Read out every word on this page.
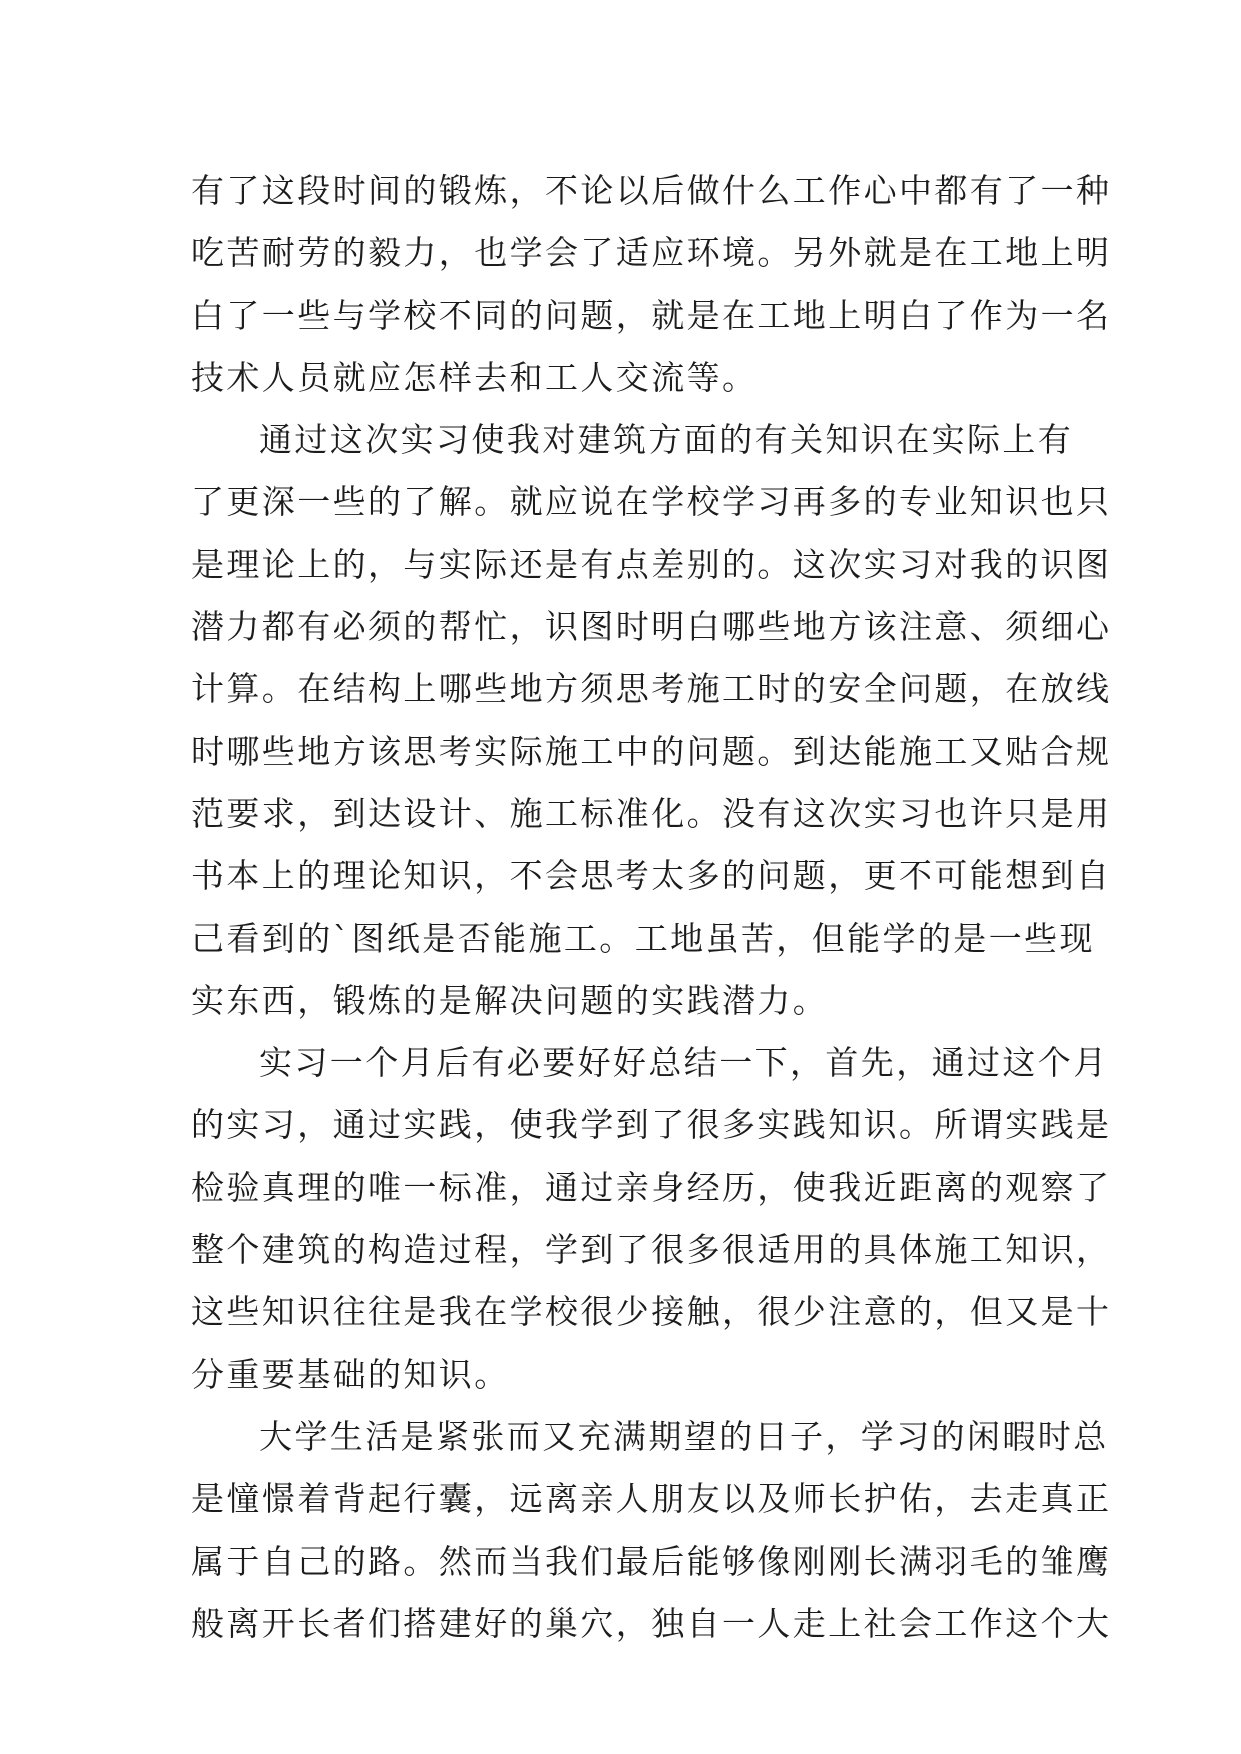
有了这段时间的锻炼，不论以后做什么工作心中都有了一种
吃苦耐劳的毅力，也学会了适应环境。另外就是在工地上明
白了一些与学校不同的问题，就是在工地上明白了作为一名
技术人员就应怎样去和工人交流等。
通过这次实习使我对建筑方面的有关知识在实际上有
了更深一些的了解。就应说在学校学习再多的专业知识也只
是理论上的，与实际还是有点差别的。这次实习对我的识图
潜力都有必须的帮忙，识图时明白哪些地方该注意、须细心
计算。在结构上哪些地方须思考施工时的安全问题，在放线
时哪些地方该思考实际施工中的问题。到达能施工又贴合规
范要求，到达设计、施工标准化。没有这次实习也许只是用
书本上的理论知识，不会思考太多的问题，更不可能想到自
己看到的`图纸是否能施工。工地虽苦，但能学的是一些现
实东西，锻炼的是解决问题的实践潜力。
实习一个月后有必要好好总结一下，首先，通过这个月
的实习，通过实践，使我学到了很多实践知识。所谓实践是
检验真理的唯一标准，通过亲身经历，使我近距离的观察了
整个建筑的构造过程，学到了很多很适用的具体施工知识，
这些知识往往是我在学校很少接触，很少注意的，但又是十
分重要基础的知识。
大学生活是紧张而又充满期望的日子，学习的闲暇时总
是憧憬着背起行囊，远离亲人朋友以及师长护佑，去走真正
属于自己的路。然而当我们最后能够像刚刚长满羽毛的雏鹰
般离开长者们搭建好的巢穴，独自一人走上社会工作这个大
